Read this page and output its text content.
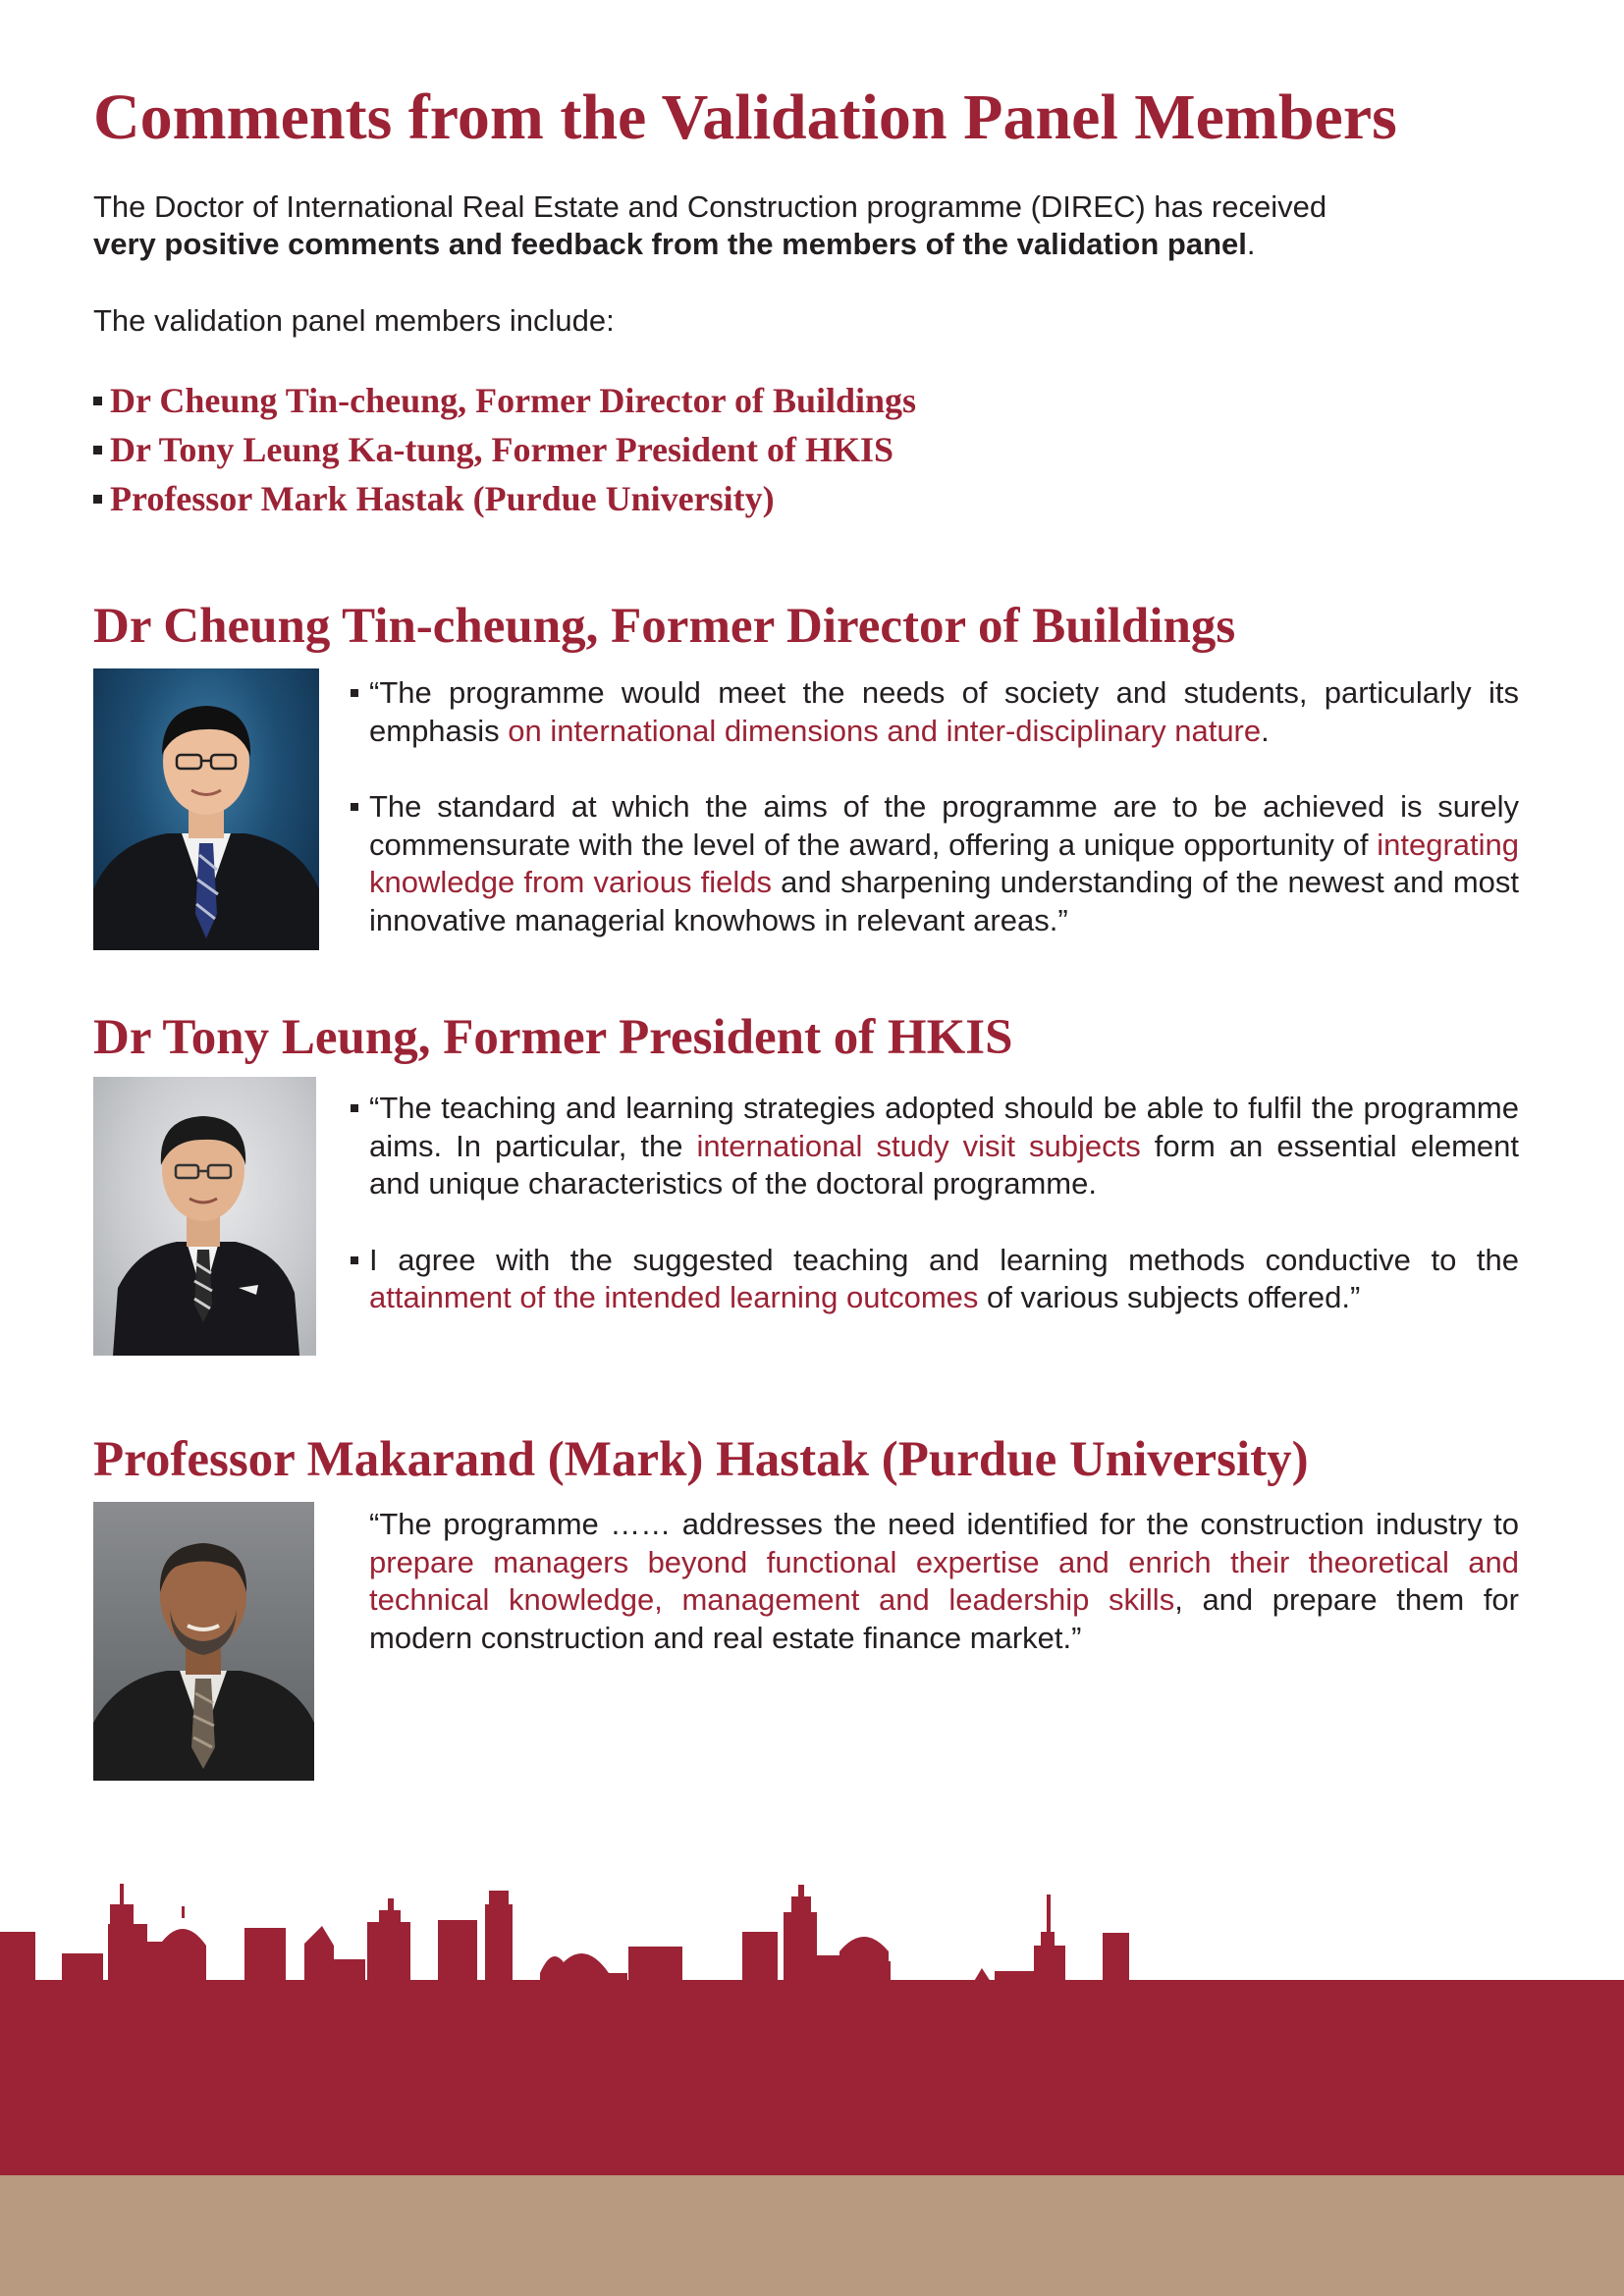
Comments from the Validation Panel Members

The Doctor of International Real Estate and Construction programme (DIREC) has received
very positive comments and feedback from the members of the validation panel.

The validation panel members include:

Dr Cheung Tin-cheung, Former Director of Buildings
Dr Tony Leung Ka-tung, Former President of HKIS
Professor Mark Hastak (Purdue University)
Dr Cheung Tin-cheung, Former Director of Buildings

“The programme would meet the needs of society and students, particularly its emphasis on international dimensions and inter-disciplinary nature.

The standard at which the aims of the programme are to be achieved is surely commensurate with the level of the award, offering a unique opportunity of integrating knowledge from various fields and sharpening understanding of the newest and most innovative managerial knowhows in relevant areas.”

Dr Tony Leung, Former President of HKIS

“The teaching and learning strategies adopted should be able to fulfil the programme aims. In particular, the international study visit subjects form an essential element and unique characteristics of the doctoral programme.

I agree with the suggested teaching and learning methods conductive to the attainment of the intended learning outcomes of various subjects offered.”

Professor Makarand (Mark) Hastak (Purdue University)

“The programme …… addresses the need identified for the construction industry to prepare managers beyond functional expertise and enrich their theoretical and technical knowledge, management and leadership skills, and prepare them for modern construction and real estate finance market.”
